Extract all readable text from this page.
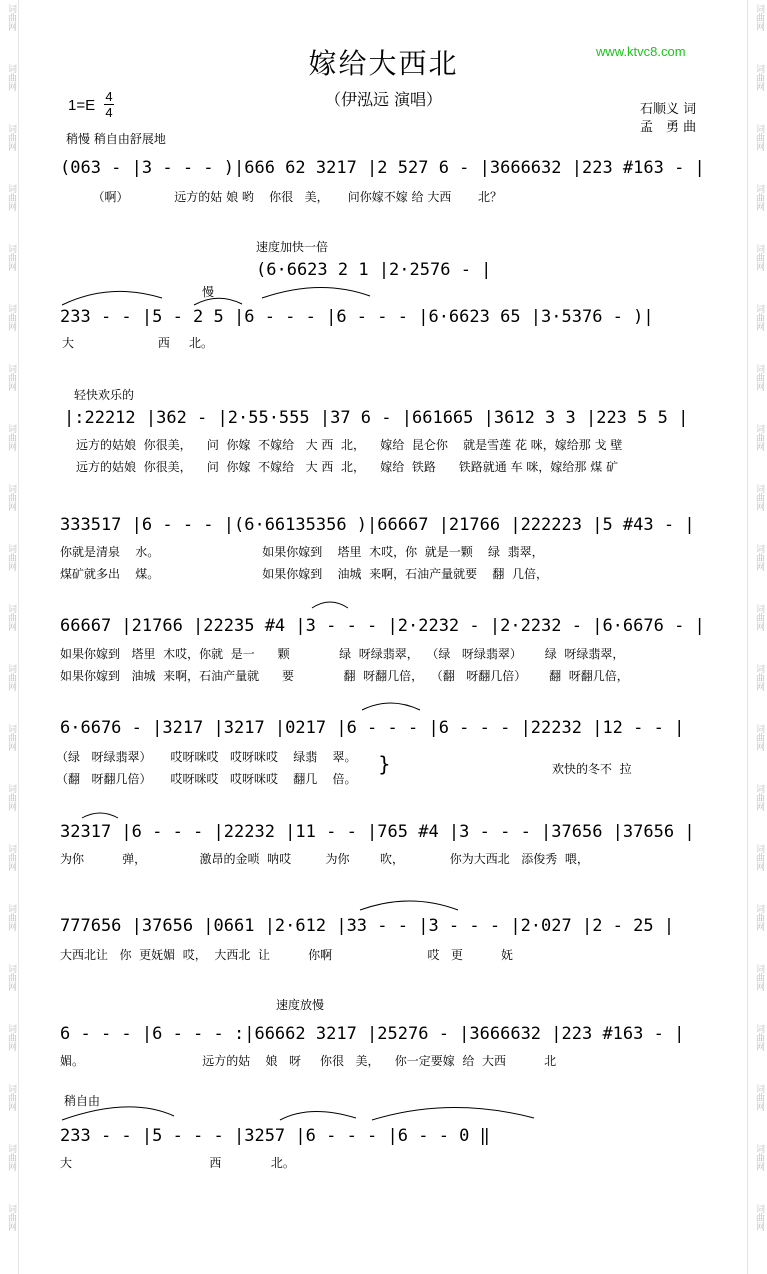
词曲网
词曲网
词曲网
词曲网
词曲网
词曲网
词曲网
词曲网
词曲网
词曲网
词曲网
词曲网
词曲网
词曲网
词曲网
词曲网
词曲网
词曲网
词曲网
词曲网
词曲网
词曲网
词曲网
词曲网
词曲网
词曲网
词曲网
词曲网
词曲网
词曲网
词曲网
词曲网
词曲网
词曲网
词曲网
词曲网
词曲网
词曲网
词曲网
词曲网
词曲网
词曲网
嫁给大西北	www.ktvc8.com
（伊泓远 演唱）
1=E
4
4	石顺义 词
孟　勇 曲
稍慢 稍自由舒展地
(063 - |3 - - - )|666 62 3217 |2 527 6 - |3666632 |223 #163 - |
（啊）            远方的姑 娘 哟    你很   美，     问你嫁不嫁 给 大西       北？
速度加快一倍
(6·6623 2 1 |2·2576 - |
慢
233 - - |5 - 2 5 |6 - - - |6 - - - |6·6623 65 |3·5376 - )|
大                      西     北。
轻快欢乐的
|:22212 |362 - |2·55·555 |37 6 - |661665 |3612 3 3 |223 5 5 |
远方的姑娘  你很美，    问  你嫁  不嫁给   大 西  北，    嫁给  昆仑你    就是雪莲 花 咪，嫁给那 戈 壁
远方的姑娘  你很美，    问  你嫁  不嫁给   大 西  北，    嫁给  铁路      铁路就通 车 咪，嫁给那 煤 矿
333517 |6 - - - |(6·66135356 )|66667 |21766 |222223 |5 #43 - |
你就是清泉    水。                           如果你嫁到    塔里  木哎，你  就是一颗    绿  翡翠，
煤矿就多出    煤。                           如果你嫁到    油城  来啊，石油产量就要    翻  几倍，
66667 |21766 |22235 #4 |3 - - - |2·2232 - |2·2232 - |6·6676 - |
如果你嫁到   塔里  木哎，你就  是一      颗             绿  呀绿翡翠，  （绿   呀绿翡翠）      绿  呀绿翡翠，
如果你嫁到   油城  来啊，石油产量就      要             翻  呀翻几倍，  （翻   呀翻几倍）      翻  呀翻几倍，
6·6676 - |3217 |3217 |0217 |6 - - - |6 - - - |22232 |12 - - |
（绿   呀绿翡翠）     哎呀咪哎   哎呀咪哎    绿翡    翠。
（翻   呀翻几倍）     哎呀咪哎   哎呀咪哎    翻几    倍。
}	欢快的冬不  拉
32317 |6 - - - |22232 |11 - - |765 #4 |3 - - - |37656 |37656 |
为你          弹，              激昂的金唢  呐哎         为你        吹，            你为大西北   添俊秀  喂，
777656 |37656 |0661 |2·612 |33 - - |3 - - - |2·027 |2 - 25 |
大西北让   你  更妩媚  哎，  大西北  让          你啊                         哎   更          妩
速度放慢
6 - - - |6 - - - :|66662 3217 |25276 - |3666632 |223 #163 - |
媚。                               远方的姑    娘   呀     你很   美，    你一定要嫁  给  大西          北
稍自由
233 - - |5 - - - |3257 |6 - - - |6 - - 0 ‖
大                                    西             北。
